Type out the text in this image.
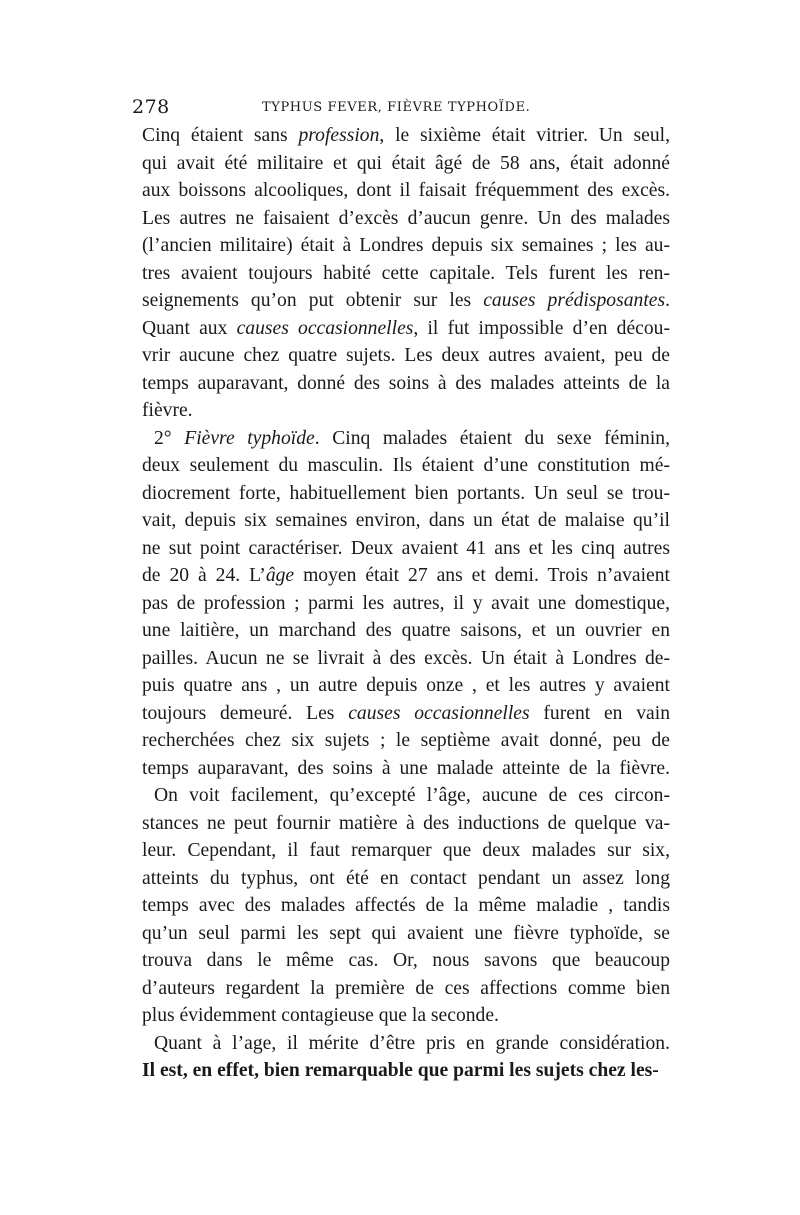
278	TYPHUS FEVER, FIÈVRE TYPHOÏDE.
Cinq étaient sans profession, le sixième était vitrier. Un seul,
qui avait été militaire et qui était âgé de 58 ans, était adonné
aux boissons alcooliques, dont il faisait fréquemment des excès.
Les autres ne faisaient d’excès d’aucun genre. Un des malades
(l’ancien militaire) était à Londres depuis six semaines ; les au-
tres avaient toujours habité cette capitale. Tels furent les ren-
seignements qu’on put obtenir sur les causes prédisposantes.
Quant aux causes occasionnelles, il fut impossible d’en décou-
vrir aucune chez quatre sujets. Les deux autres avaient, peu de
temps auparavant, donné des soins à des malades atteints de la
fièvre.
2° Fièvre typhoïde. Cinq malades étaient du sexe féminin,
deux seulement du masculin. Ils étaient d’une constitution mé-
diocrement forte, habituellement bien portants. Un seul se trou-
vait, depuis six semaines environ, dans un état de malaise qu’il
ne sut point caractériser. Deux avaient 41 ans et les cinq autres
de 20 à 24. L’âge moyen était 27 ans et demi. Trois n’avaient
pas de profession ; parmi les autres, il y avait une domestique,
une laitière, un marchand des quatre saisons, et un ouvrier en
pailles. Aucun ne se livrait à des excès. Un était à Londres de-
puis quatre ans , un autre depuis onze , et les autres y avaient
toujours demeuré. Les causes occasionnelles furent en vain
recherchées chez six sujets ; le septième avait donné, peu de
temps auparavant, des soins à une malade atteinte de la fièvre.
On voit facilement, qu’excepté l’âge, aucune de ces circon-
stances ne peut fournir matière à des inductions de quelque va-
leur. Cependant, il faut remarquer que deux malades sur six,
atteints du typhus, ont été en contact pendant un assez long
temps avec des malades affectés de la même maladie , tandis
qu’un seul parmi les sept qui avaient une fièvre typhoïde, se
trouva dans le même cas. Or, nous savons que beaucoup
d’auteurs regardent la première de ces affections comme bien
plus évidemment contagieuse que la seconde.
Quant à l’age, il mérite d’être pris en grande considération.
Il est, en effet, bien remarquable que parmi les sujets chez les-
